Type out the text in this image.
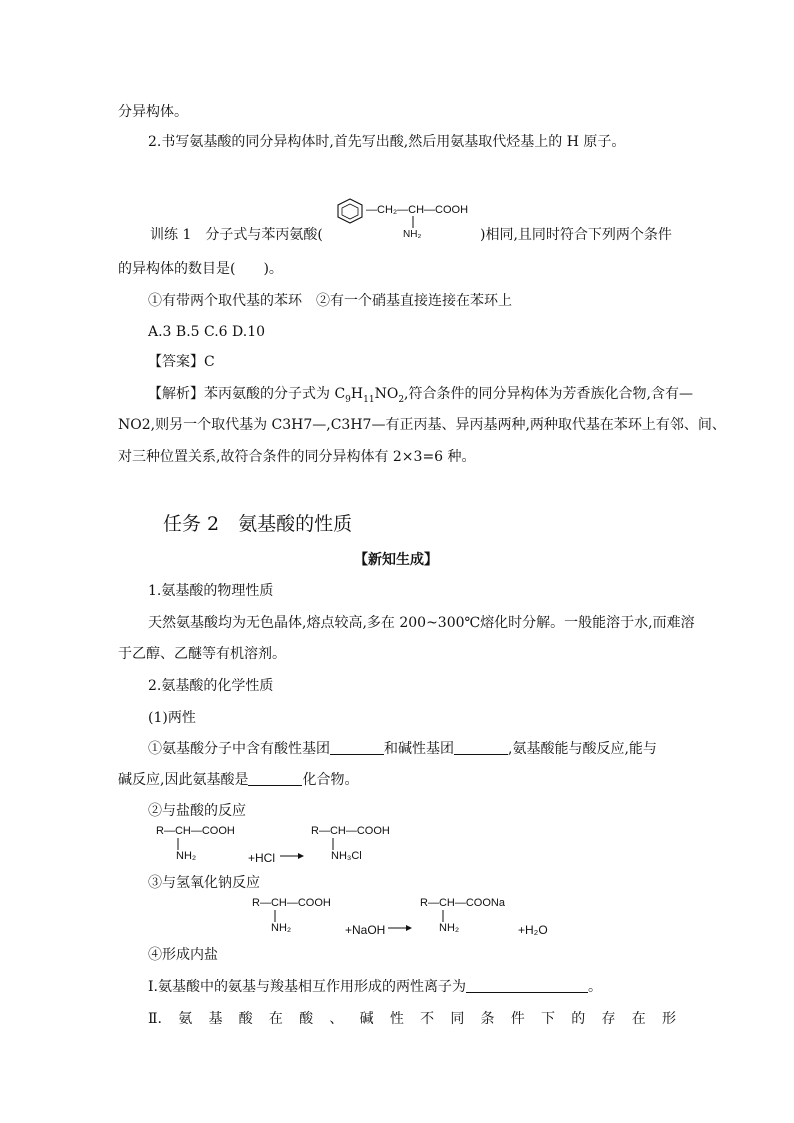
分异构体。
2.书写氨基酸的同分异构体时,首先写出酸,然后用氨基取代烃基上的 H 原子。
—CH₂—CH—COOH
NH₂
训练 1　分子式与苯丙氨酸(	)相同,且同时符合下列两个条件
的异构体的数目是(　　)。
①有带两个取代基的苯环　②有一个硝基直接连接在苯环上
A.3 B.5 C.6 D.10
【答案】C
【解析】苯丙氨酸的分子式为 $C_9H_{11}NO_2$,符合条件的同分异构体为芳香族化合物,含有—
NO2,则另一个取代基为 C3H7—,C3H7—有正丙基、异丙基两种,两种取代基在苯环上有邻、间、
对三种位置关系,故符合条件的同分异构体有 2×3=6 种。
任务 2　氨基酸的性质
【新知生成】
1.氨基酸的物理性质
天然氨基酸均为无色晶体,熔点较高,多在 200~300℃熔化时分解。一般能溶于水,而难溶
于乙醇、乙醚等有机溶剂。
2.氨基酸的化学性质
(1)两性
①氨基酸分子中含有酸性基团	和碱性基团	,氨基酸能与酸反应,能与
碱反应,因此氨基酸是	化合物。
②与盐酸的反应
R—CH—COOH
NH₂	+HCl
R—CH—COOH
NH₃Cl
③与氢氧化钠反应
R—CH—COOH
NH₂	+NaOH
R—CH—COONa
NH₂	+H₂O
④形成内盐
Ⅰ.氨基酸中的氨基与羧基相互作用形成的两性离子为	。
Ⅱ. 氨 基 酸 在 酸 、 碱 性 不 同 条 件 下 的 存 在 形
